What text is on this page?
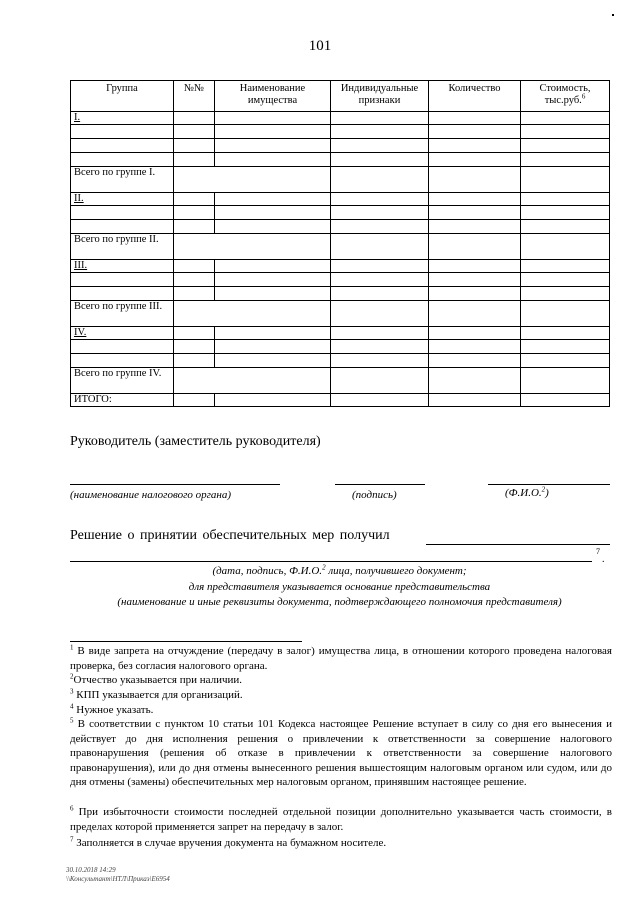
101
Группа	№№	Наименование имущества	Индивидуальные признаки	Количество	Стоимость, тыс.руб.$^6$
I.					

Всего по группе I.					
II.					

Всего по группе II.					
III.					

Всего по группе III.					
IV.					

Всего по группе IV.					
ИТОГО:					
Руководитель (заместитель руководителя)
(наименование налогового органа)	(подпись)	(Ф.И.О.$^2$)
Решение о принятии обеспечительных мер получил
7
.
(дата, подпись, Ф.И.О.$^2$ лица, получившего документ;
для представителя указывается основание представительства
(наименование и иные реквизиты документа, подтверждающего полномочия представителя)
$^1$ В виде запрета на отчуждение (передачу в залог) имущества лица, в отношении которого проведена налоговая проверка, без согласия налогового органа.
$^2$Отчество указывается при наличии.
$^3$ КПП указывается для организаций.
$^4$ Нужное указать.
$^5$ В соответствии с пунктом 10 статьи 101 Кодекса настоящее Решение вступает в силу со дня его вынесения и действует до дня исполнения решения о привлечении к ответственности за совершение налогового правонарушения (решения об отказе в привлечении к ответственности за совершение налогового правонарушения), или до дня отмены вынесенного решения вышестоящим налоговым органом или судом, или до дня отмены (замены) обеспечительных мер налоговым органом, принявшим настоящее решение.
$^6$ При избыточности стоимости последней отдельной позиции дополнительно указывается часть стоимости, в пределах которой применяется запрет на передачу в залог.
$^7$ Заполняется в случае вручения документа на бумажном носителе.
30.10.2018 14:29
\\Консультант\НТЛ\Приказ\Е6954
